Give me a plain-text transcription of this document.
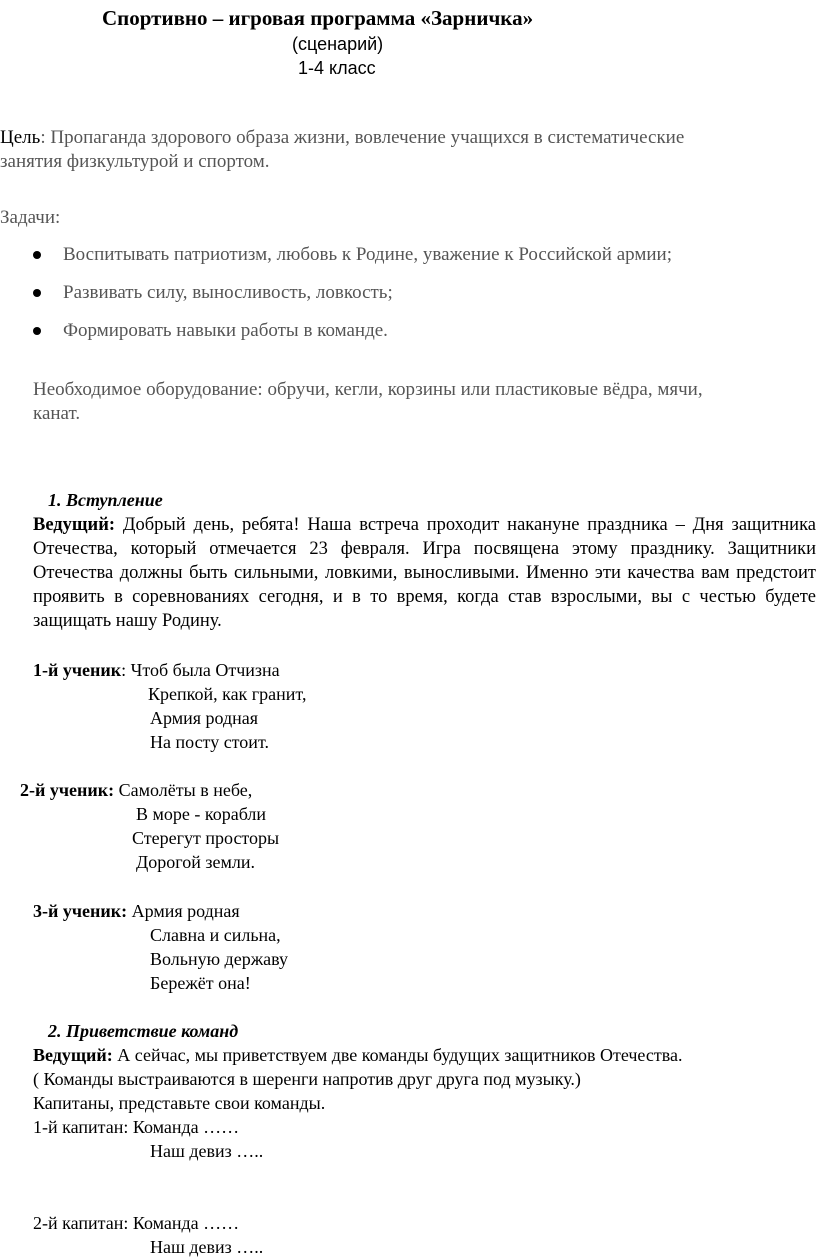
Спортивно – игровая программа «Зарничка»
(сценарий)
1-4 класс
Цель: Пропаганда здорового образа жизни, вовлечение учащихся в систематические
занятия физкультурой и спортом.
Задачи:
Воспитывать патриотизм, любовь к Родине, уважение к Российской армии;
Развивать силу, выносливость, ловкость;
Формировать навыки работы в команде.
Необходимое оборудование: обручи, кегли, корзины или пластиковые вёдра, мячи,
канат.
1. Вступление
Ведущий: Добрый день, ребята! Наша встреча проходит накануне праздника – Дня защитника Отечества, который отмечается 23 февраля. Игра посвящена этому празднику. Защитники Отечества должны быть сильными, ловкими, выносливыми. Именно эти качества вам предстоит проявить в соревнованиях сегодня, и в то время, когда став взрослыми, вы с честью будете защищать нашу Родину.
1-й ученик: Чтоб была Отчизна
Крепкой, как гранит,
Армия родная
На посту стоит.
2-й ученик: Самолёты в небе,
В море - корабли
Стерегут просторы
Дорогой земли.
3-й ученик: Армия родная
Славна и сильна,
Вольную державу
Бережёт она!
2. Приветствие команд
Ведущий: А сейчас, мы приветствуем две команды будущих защитников Отечества.
( Команды выстраиваются в шеренги напротив друг друга под музыку.)
Капитаны, представьте свои команды.
1-й капитан: Команда ……
Наш девиз …..
2-й капитан: Команда ……
Наш девиз …..
